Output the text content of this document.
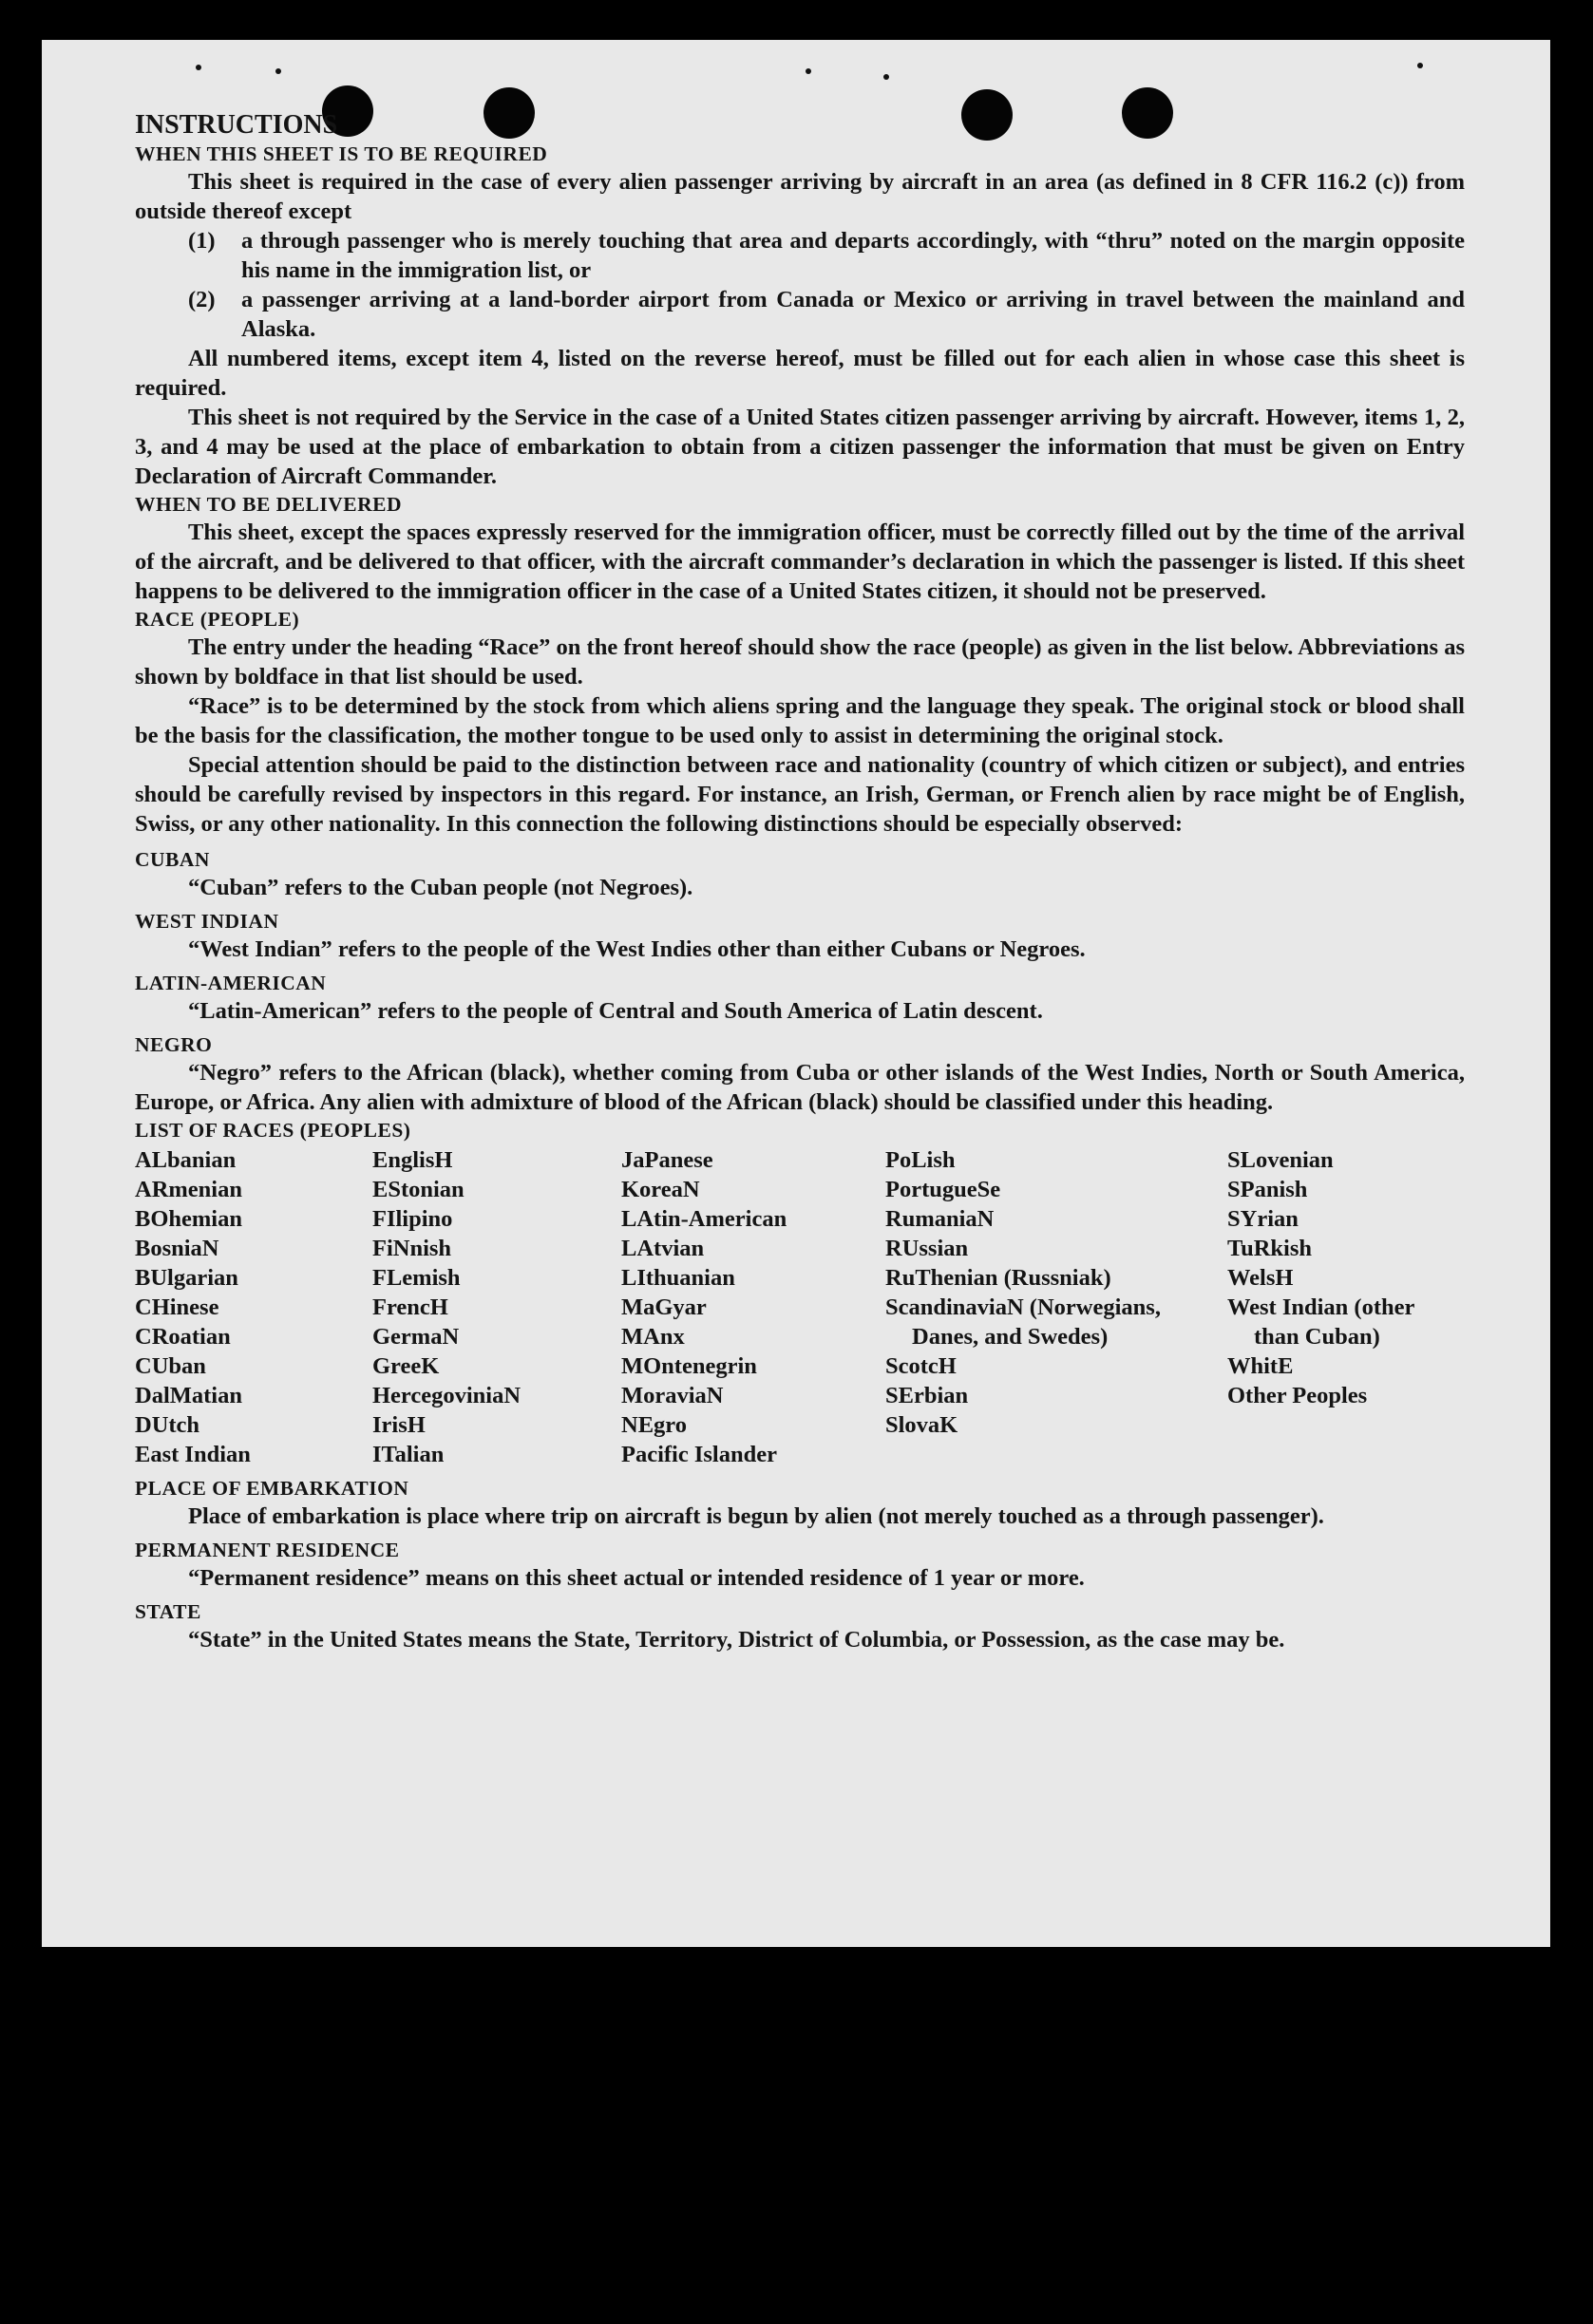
INSTRUCTIONS

WHEN THIS SHEET IS TO BE REQUIRED

This sheet is required in the case of every alien passenger arriving by aircraft in an area (as defined in 8 CFR 116.2 (c)) from outside thereof except

(1)	a through passenger who is merely touching that area and departs accordingly, with “thru” noted on the margin opposite his name in the immigration list, or
(2)	a passenger arriving at a land-border airport from Canada or Mexico or arriving in travel between the mainland and Alaska.

All numbered items, except item 4, listed on the reverse hereof, must be filled out for each alien in whose case this sheet is required.

This sheet is not required by the Service in the case of a United States citizen passenger arriving by aircraft. However, items 1, 2, 3, and 4 may be used at the place of embarkation to obtain from a citizen passenger the information that must be given on Entry Declaration of Aircraft Commander.

WHEN TO BE DELIVERED

This sheet, except the spaces expressly reserved for the immigration officer, must be correctly filled out by the time of the arrival of the aircraft, and be delivered to that officer, with the aircraft commander’s declaration in which the passenger is listed. If this sheet happens to be delivered to the immigration officer in the case of a United States citizen, it should not be preserved.

RACE (PEOPLE)

The entry under the heading “Race” on the front hereof should show the race (people) as given in the list below. Abbreviations as shown by boldface in that list should be used.

“Race” is to be determined by the stock from which aliens spring and the language they speak. The original stock or blood shall be the basis for the classification, the mother tongue to be used only to assist in determining the original stock.

Special attention should be paid to the distinction between race and nationality (country of which citizen or subject), and entries should be carefully revised by inspectors in this regard. For instance, an Irish, German, or French alien by race might be of English, Swiss, or any other nationality. In this connection the following distinctions should be especially observed:

CUBAN

“Cuban” refers to the Cuban people (not Negroes).

WEST INDIAN

“West Indian” refers to the people of the West Indies other than either Cubans or Negroes.

LATIN-AMERICAN

“Latin-American” refers to the people of Central and South America of Latin descent.

NEGRO

“Negro” refers to the African (black), whether coming from Cuba or other islands of the West Indies, North or South America, Europe, or Africa. Any alien with admixture of blood of the African (black) should be classified under this heading.

LIST OF RACES (PEOPLES)

ALbanian
ARmenian
BOhemian
BosniaN
BUlgarian
CHinese
CRoatian
CUban
DalMatian
DUtch
East Indian
EnglisH
EStonian
FIlipino
FiNnish
FLemish
FrencH
GermaN
GreeK
HercegoviniaN
IrisH
ITalian
JaPanese
KoreaN
LAtin-American
LAtvian
LIthuanian
MaGyar
MAnx
MOntenegrin
MoraviaN
NEgro
Pacific Islander
PoLish
PortugueSe
RumaniaN
RUssian
RuThenian (Russniak)
ScandinaviaN (Norwegians, Danes, and Swedes)
ScotcH
SErbian
SlovaK
SLovenian
SPanish
SYrian
TuRkish
WelsH
West Indian (other than Cuban)
WhitE
Other Peoples

PLACE OF EMBARKATION

Place of embarkation is place where trip on aircraft is begun by alien (not merely touched as a through passenger).

PERMANENT RESIDENCE

“Permanent residence” means on this sheet actual or intended residence of 1 year or more.

STATE

“State” in the United States means the State, Territory, District of Columbia, or Possession, as the case may be.
